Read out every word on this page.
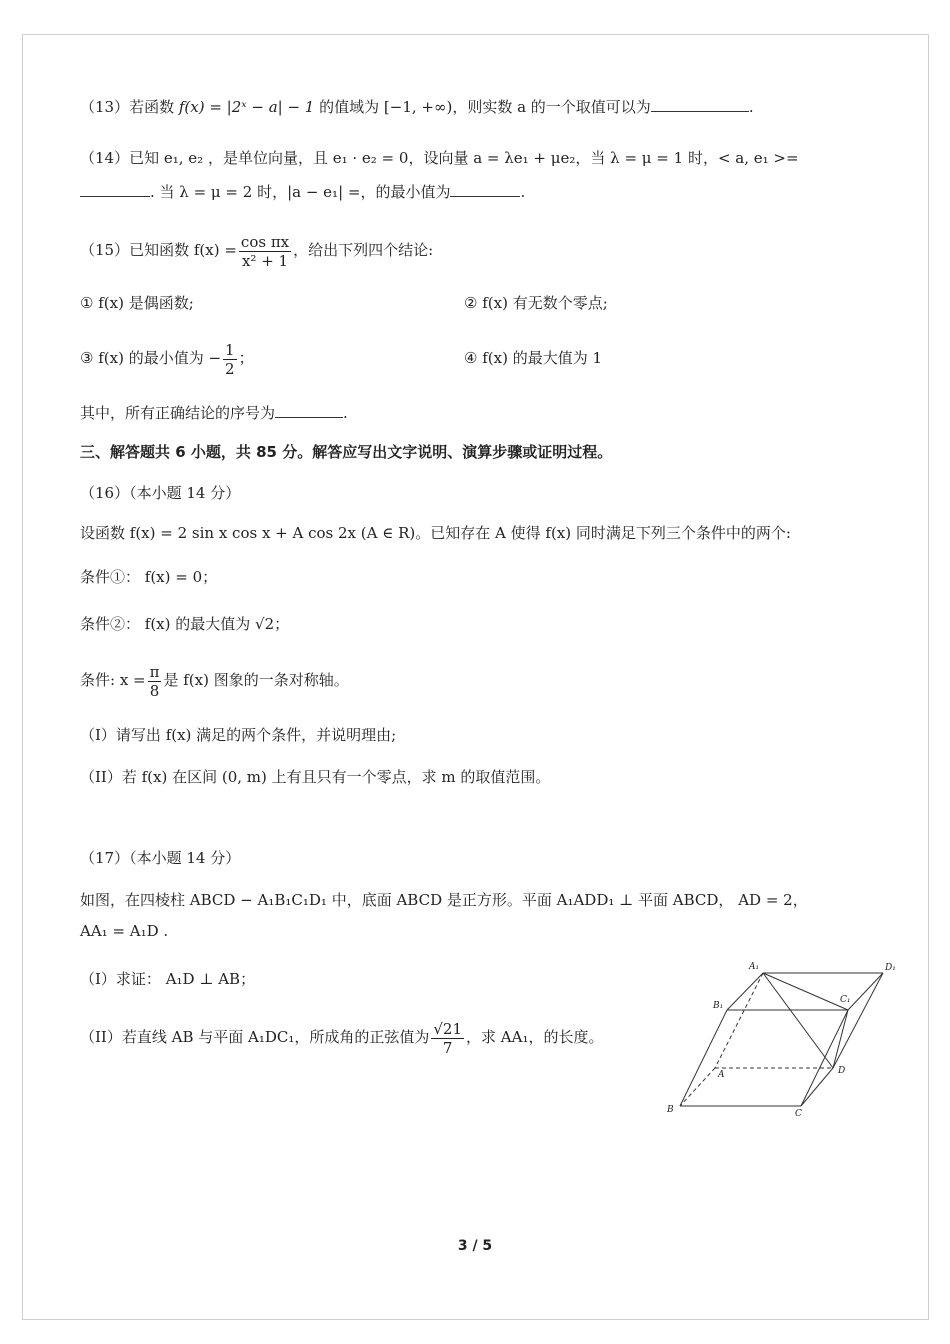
（13）若函数 f(x) = |2ˣ − a| − 1 的值域为 [−1, +∞)，则实数 a 的一个取值可以为	.
（14）已知 e₁, e₂ ，是单位向量，且 e₁ · e₂ = 0，设向量 a = λe₁ + μe₂，当 λ = μ = 1 时，< a, e₁ >=
. 当 λ = μ = 2 时，|a − e₁| =，的最小值为	.
（15）已知函数 $f(x) = \frac{\text{cos πx}}{\text{x² + 1}}$ ，给出下列四个结论:
① f(x) 是偶函数;	② f(x) 有无数个零点;
③ f(x) 的最小值为 − $\frac{1}{2}$ ；	④ f(x) 的最大值为 1
其中，所有正确结论的序号为	.
三、解答题共 6 小题，共 85 分。解答应写出文字说明、演算步骤或证明过程。
（16）（本小题 14 分）
设函数 f(x) = 2 sin x cos x + A cos 2x (A ∈ R)。已知存在 A 使得 f(x) 同时满足下列三个条件中的两个:
条件①： f(x) = 0；
条件②： f(x) 的最大值为 √2；
条件: $x = \frac{\pi}{8}$ 是 f(x) 图象的一条对称轴。
（I）请写出 f(x) 满足的两个条件，并说明理由;
（II）若 f(x) 在区间 (0, m) 上有且只有一个零点，求 m 的取值范围。
（17）（本小题 14 分）
如图，在四棱柱 ABCD − A₁B₁C₁D₁ 中，底面 ABCD 是正方形。平面 A₁ADD₁ ⊥ 平面 ABCD， AD = 2，
AA₁ = A₁D .
（I）求证： A₁D ⊥ AB；
（II）若直线 AB 与平面 A₁DC₁，所成角的正弦值为 $\frac{√21}{7}$ ，求 AA₁，的长度。
A₁	D₁
C₁
B₁
A	D
B	C
3 / 5
